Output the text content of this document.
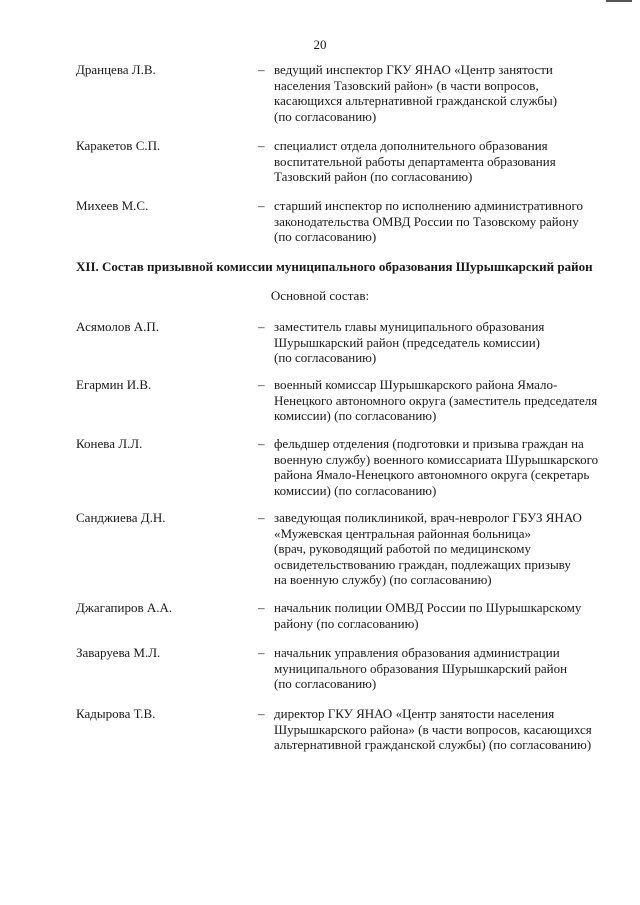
20
Дранцева Л.В.	– ведущий инспектор ГКУ ЯНАО «Центр занятости
населения Тазовский район» (в части вопросов,
касающихся альтернативной гражданской службы)
(по согласованию)
Каракетов С.П.	– специалист отдела дополнительного образования
воспитательной работы департамента образования
Тазовский район (по согласованию)
Михеев М.С.	– старший инспектор по исполнению административного
законодательства ОМВД России по Тазовскому району
(по согласованию)
XII. Состав призывной комиссии муниципального образования Шурышкарский район
Основной состав:
Асямолов А.П.	– заместитель главы муниципального образования
Шурышкарский район (председатель комиссии)
(по согласованию)
Егармин И.В.	– военный комиссар Шурышкарского района Ямало-
Ненецкого автономного округа (заместитель председателя
комиссии) (по согласованию)
Конева Л.Л.	– фельдшер отделения (подготовки и призыва граждан на
военную службу) военного комиссариата Шурышкарского
района Ямало-Ненецкого автономного округа (секретарь
комиссии) (по согласованию)
Санджиева Д.Н.	– заведующая поликлиникой, врач-невролог ГБУЗ ЯНАО
«Мужевская центральная районная больница»
(врач, руководящий работой по медицинскому
освидетельствованию граждан, подлежащих призыву
на военную службу) (по согласованию)
Джагапиров А.А.	– начальник полиции ОМВД России по Шурышкарскому
району (по согласованию)
Заваруева М.Л.	– начальник управления образования администрации
муниципального образования Шурышкарский район
(по согласованию)
Кадырова Т.В.	– директор ГКУ ЯНАО «Центр занятости населения
Шурышкарского района» (в части вопросов, касающихся
альтернативной гражданской службы) (по согласованию)
